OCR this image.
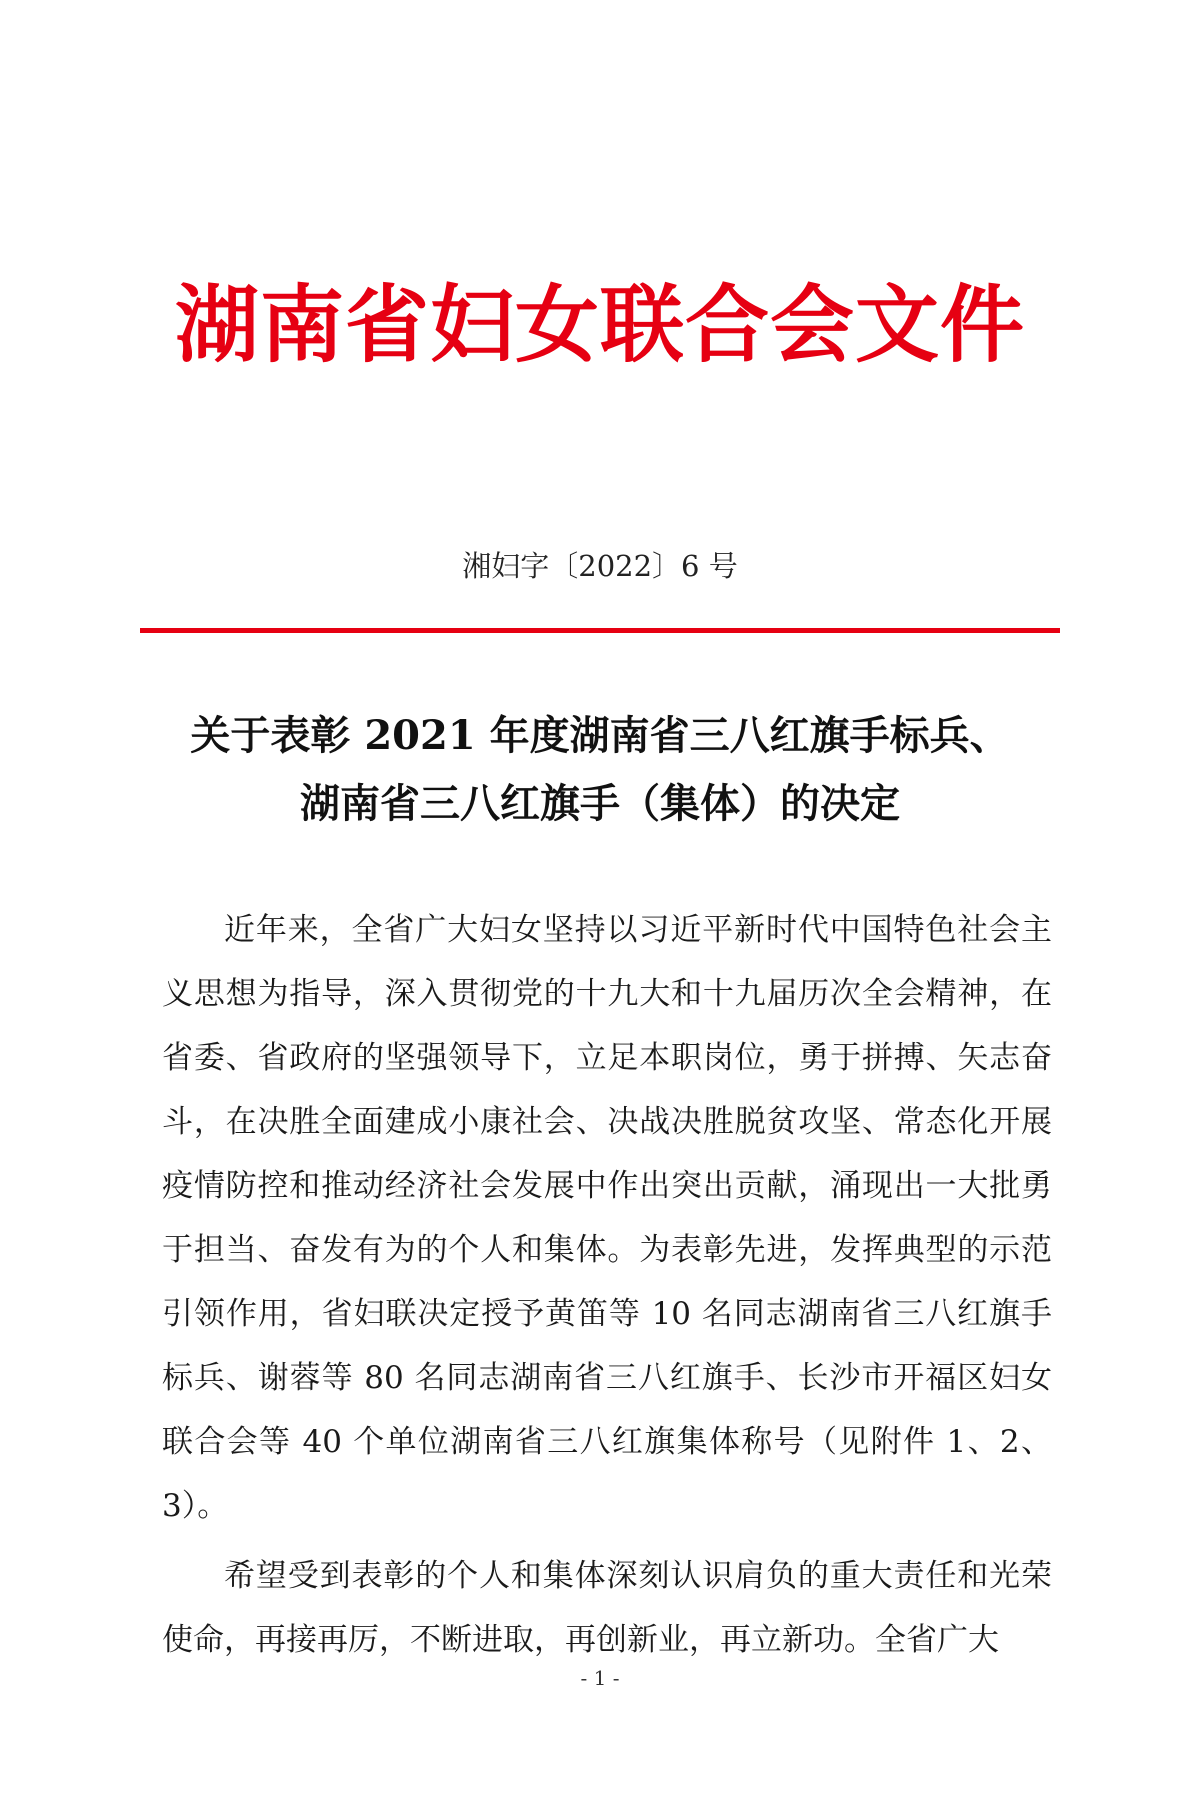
湖南省妇女联合会文件
湘妇字〔2022〕6 号
关于表彰 2021 年度湖南省三八红旗手标兵、
湖南省三八红旗手（集体）的决定

近年来，全省广大妇女坚持以习近平新时代中国特色社会主义思想为指导，深入贯彻党的十九大和十九届历次全会精神，在省委、省政府的坚强领导下，立足本职岗位，勇于拼搏、矢志奋斗，在决胜全面建成小康社会、决战决胜脱贫攻坚、常态化开展疫情防控和推动经济社会发展中作出突出贡献，涌现出一大批勇于担当、奋发有为的个人和集体。为表彰先进，发挥典型的示范引领作用，省妇联决定授予黄笛等 10 名同志湖南省三八红旗手标兵、谢蓉等 80 名同志湖南省三八红旗手、长沙市开福区妇女联合会等 40 个单位湖南省三八红旗集体称号（见附件 1、2、3）。

希望受到表彰的个人和集体深刻认识肩负的重大责任和光荣使命，再接再厉，不断进取，再创新业，再立新功。全省广大

- 1 -
